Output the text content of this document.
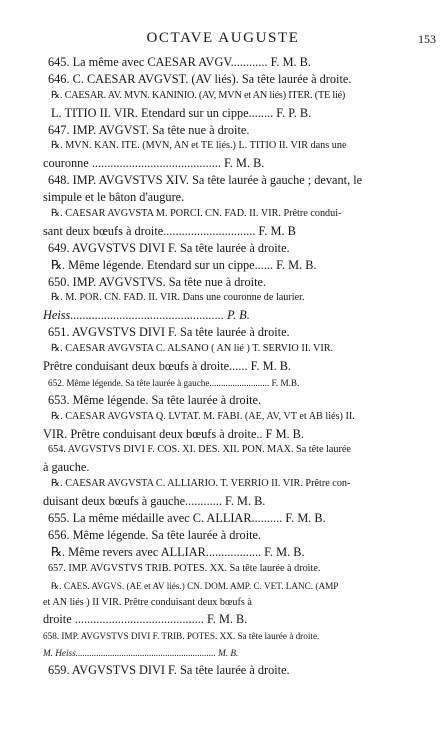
OCTAVE AUGUSTE	153
645. La même avec CAESAR AVGV............ F. M. B.
646. C. CAESAR AVGVST. (AV liés). Sa tête laurée à droite.
℞. CAESAR. AV. MVN. KANINIO. (AV, MVN et AN liés) ITER. (TE lié)
L. TITIO II. VIR. Etendard sur un cippe........ F. P. B.
647. IMP. AVGVST. Sa tête nue à droite.
℞. MVN. KAN. ITE. (MVN, AN et TE liés.) L. TITIO II. VIR dans une
couronne .......................................... F. M. B.
648. IMP. AVGVSTVS XIV. Sa tête laurée à gauche ; devant, le
simpule et le bâton d'augure.
℞. CAESAR AVGVSTA M. PORCI. CN. FAD. II. VIR. Prêtre condui-
sant deux bœufs à droite.............................. F. M. B
649. AVGVSTVS DIVI F. Sa tête laurée à droite.
℞. Même légende. Etendard sur un cippe...... F. M. B.
650. IMP. AVGVSTVS. Sa tête nue à droite.
℞. M. POR. CN. FAD. II. VIR. Dans une couronne de laurier.
Heiss.................................................. P. B.
651. AVGVSTVS DIVI F. Sa tête laurée à droite.
℞. CAESAR AVGVSTA C. ALSANO ( AN lié ) T. SERVIO II. VIR.
Prêtre conduisant deux bœufs à droite...... F. M. B.
652. Même légende. Sa tête laurée à gauche.......................... F. M.B.
653. Même légende. Sa tête laurée à droite.
℞. CAESAR AVGVSTA Q. LVTAT. M. FABI. (AE, AV, VT et AB liés) II.
VIR. Prêtre conduisant deux bœufs à droite.. F M. B.
654. AVGVSTVS DIVI F. COS. XI. DES. XII. PON. MAX. Sa tête laurée
à gauche.
℞. CAESAR AVGVSTA C. ALLIARIO. T. VERRIO II. VIR. Prêtre con-
duisant deux bœufs à gauche............ F. M. B.
655. La même médaille avec C. ALLIAR.......... F. M. B.
656. Même légende. Sa tête laurée à droite.
℞. Même revers avec ALLIAR.................. F. M. B.
657. IMP. AVGVSTVS TRIB. POTES. XX. Sa tête laurée à droite.
℞. CAES. AVGVS. (AE et AV liés.) CN. DOM. AMP. C. VET. LANC. (AMP
et AN liés ) II VIR. Prêtre conduisant deux bœufs à
droite .......................................... F. M. B.
658. IMP. AVGVSTVS DIVI F. TRIB. POTES. XX. Sa tête laurée à droite.
M. Heiss............................................................. M. B.
659. AVGVSTVS DIVI F. Sa tête laurée à droite.
